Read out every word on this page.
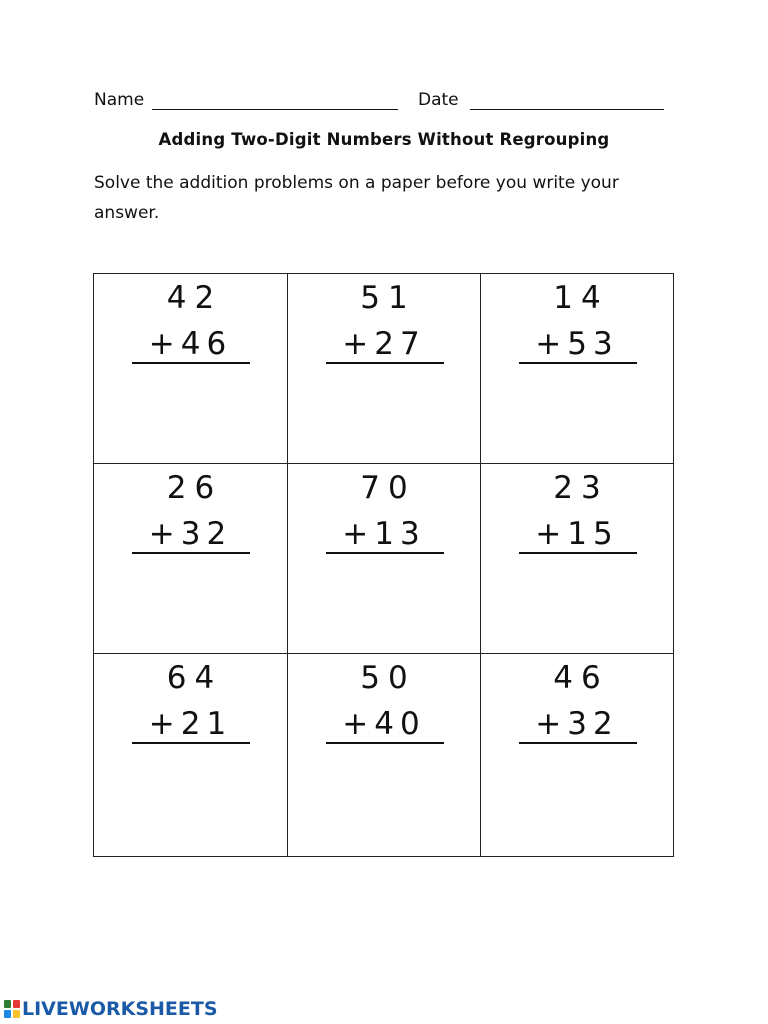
Name	Date
Adding Two-Digit Numbers Without Regrouping
Solve the addition problems on a paper before you write your answer.
42
+46
51
+27
14
+53
26
+32
70
+13
23
+15
64
+21
50
+40
46
+32
LIVEWORKSHEETS
